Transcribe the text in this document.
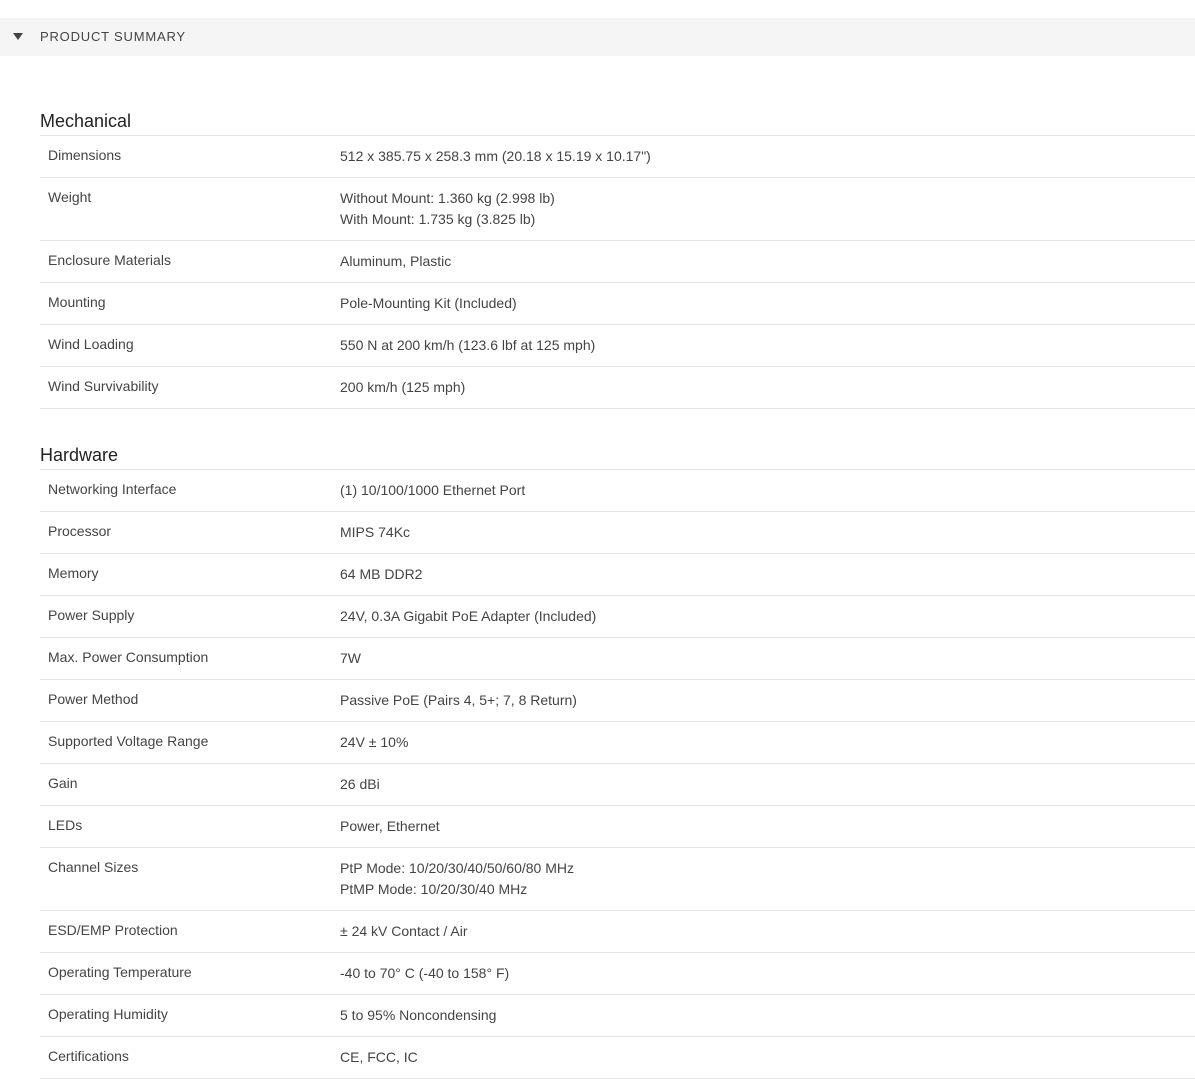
PRODUCT SUMMARY
Mechanical
Dimensions	512 x 385.75 x 258.3 mm (20.18 x 15.19 x 10.17")

Weight	Without Mount: 1.360 kg (2.998 lb)
With Mount: 1.735 kg (3.825 lb)

Enclosure Materials	Aluminum, Plastic

Mounting	Pole-Mounting Kit (Included)

Wind Loading	550 N at 200 km/h (123.6 lbf at 125 mph)

Wind Survivability	200 km/h (125 mph)
Hardware
Networking Interface	(1) 10/100/1000 Ethernet Port

Processor	MIPS 74Kc

Memory	64 MB DDR2

Power Supply	24V, 0.3A Gigabit PoE Adapter (Included)

Max. Power Consumption	7W

Power Method	Passive PoE (Pairs 4, 5+; 7, 8 Return)

Supported Voltage Range	24V ± 10%

Gain	26 dBi

LEDs	Power, Ethernet

Channel Sizes	PtP Mode: 10/20/30/40/50/60/80 MHz
PtMP Mode: 10/20/30/40 MHz

ESD/EMP Protection	± 24 kV Contact / Air

Operating Temperature	-40 to 70° C (-40 to 158° F)

Operating Humidity	5 to 95% Noncondensing

Certifications	CE, FCC, IC
